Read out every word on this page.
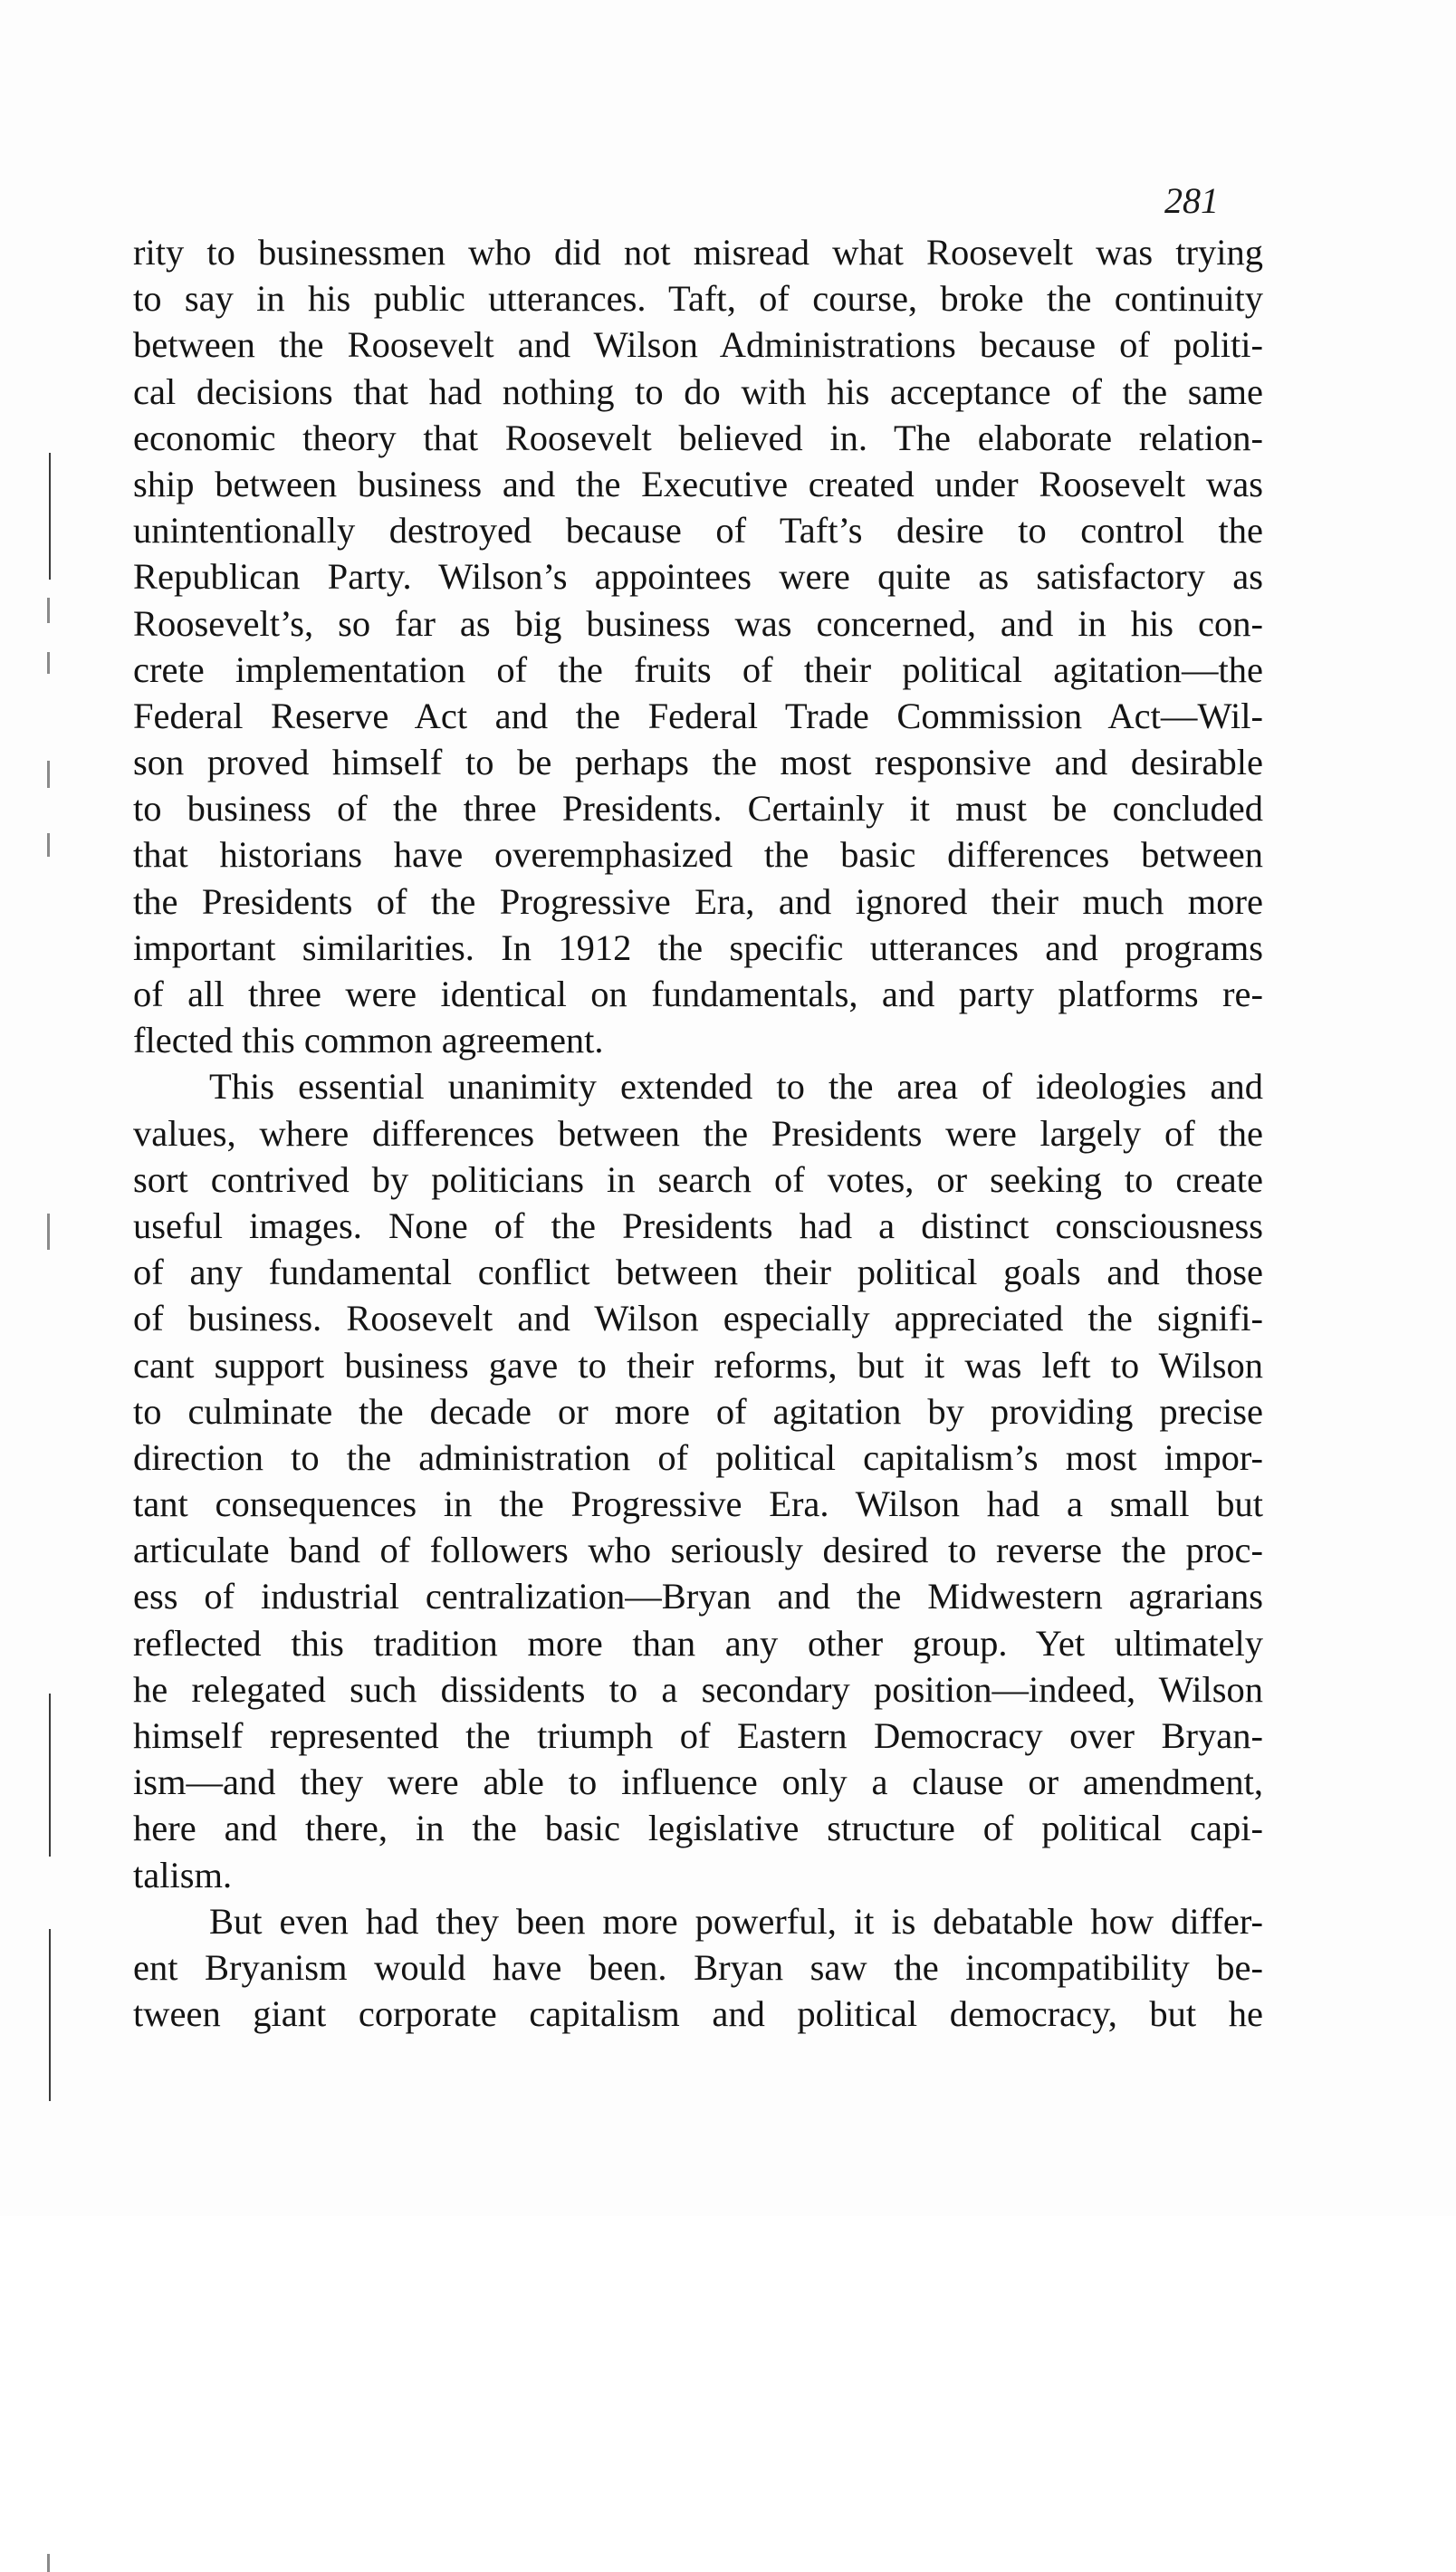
281
rity to businessmen who did not misread what Roosevelt was trying
to say in his public utterances. Taft, of course, broke the continuity
between the Roosevelt and Wilson Administrations because of politi-
cal decisions that had nothing to do with his acceptance of the same
economic theory that Roosevelt believed in. The elaborate relation-
ship between business and the Executive created under Roosevelt was
unintentionally destroyed because of Taft’s desire to control the
Republican Party. Wilson’s appointees were quite as satisfactory as
Roosevelt’s, so far as big business was concerned, and in his con-
crete implementation of the fruits of their political agitation—the
Federal Reserve Act and the Federal Trade Commission Act—Wil-
son proved himself to be perhaps the most responsive and desirable
to business of the three Presidents. Certainly it must be concluded
that historians have overemphasized the basic differences between
the Presidents of the Progressive Era, and ignored their much more
important similarities. In 1912 the specific utterances and programs
of all three were identical on fundamentals, and party platforms re-
flected this common agreement.
This essential unanimity extended to the area of ideologies and
values, where differences between the Presidents were largely of the
sort contrived by politicians in search of votes, or seeking to create
useful images. None of the Presidents had a distinct consciousness
of any fundamental conflict between their political goals and those
of business. Roosevelt and Wilson especially appreciated the signifi-
cant support business gave to their reforms, but it was left to Wilson
to culminate the decade or more of agitation by providing precise
direction to the administration of political capitalism’s most impor-
tant consequences in the Progressive Era. Wilson had a small but
articulate band of followers who seriously desired to reverse the proc-
ess of industrial centralization—Bryan and the Midwestern agrarians
reflected this tradition more than any other group. Yet ultimately
he relegated such dissidents to a secondary position—indeed, Wilson
himself represented the triumph of Eastern Democracy over Bryan-
ism—and they were able to influence only a clause or amendment,
here and there, in the basic legislative structure of political capi-
talism.
But even had they been more powerful, it is debatable how differ-
ent Bryanism would have been. Bryan saw the incompatibility be-
tween giant corporate capitalism and political democracy, but he
